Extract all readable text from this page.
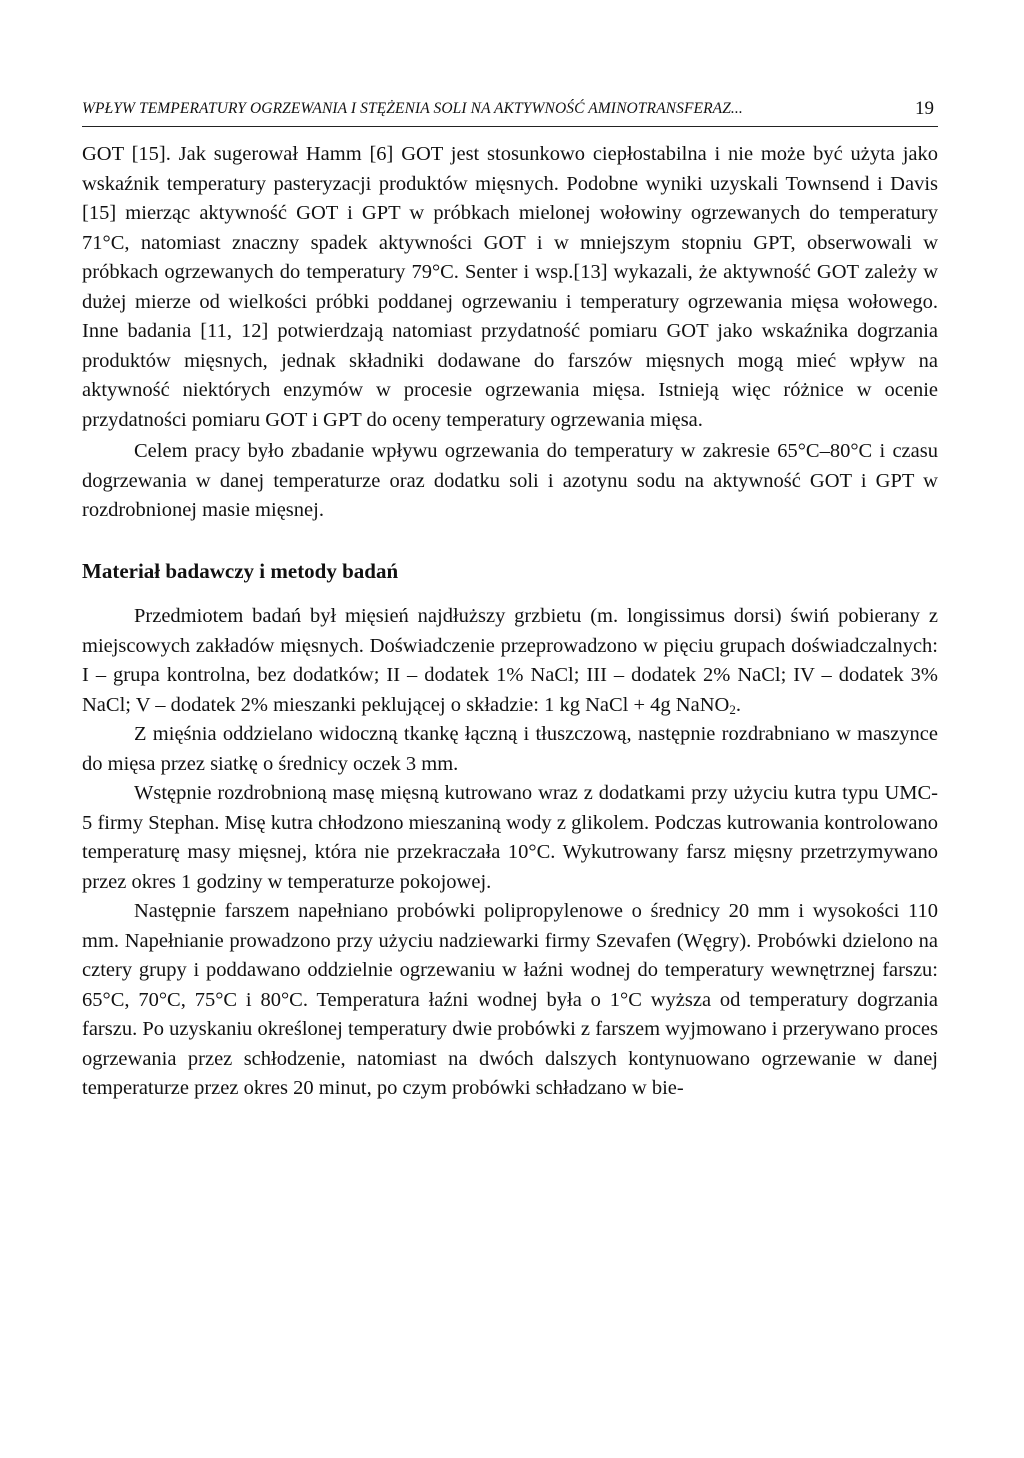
WPŁYW TEMPERATURY OGRZEWANIA I STĘŻENIA SOLI NA AKTYWNOŚĆ AMINOTRANSFERAZ...	19

GOT [15]. Jak sugerował Hamm [6] GOT jest stosunkowo ciepłostabilna i nie może być użyta jako wskaźnik temperatury pasteryzacji produktów mięsnych. Podobne wyniki uzyskali Townsend i Davis [15] mierząc aktywność GOT i GPT w próbkach mielonej wołowiny ogrzewanych do temperatury 71°C, natomiast znaczny spadek aktywności GOT i w mniejszym stopniu GPT, obserwowali w próbkach ogrzewanych do temperatury 79°C. Senter i wsp.[13] wykazali, że aktywność GOT zależy w dużej mierze od wielkości próbki poddanej ogrzewaniu i temperatury ogrzewania mięsa wołowego. Inne badania [11, 12] potwierdzają natomiast przydatność pomiaru GOT jako wskaźnika dogrzania produktów mięsnych, jednak składniki dodawane do farszów mięsnych mogą mieć wpływ na aktywność niektórych enzymów w procesie ogrzewania mięsa. Istnieją więc różnice w ocenie przydatności pomiaru GOT i GPT do oceny temperatury ogrzewania mięsa.

Celem pracy było zbadanie wpływu ogrzewania do temperatury w zakresie 65°C–80°C i czasu dogrzewania w danej temperaturze oraz dodatku soli i azotynu sodu na aktywność GOT i GPT w rozdrobnionej masie mięsnej.

Materiał badawczy i metody badań

Przedmiotem badań był mięsień najdłuższy grzbietu (m. longissimus dorsi) świń pobierany z miejscowych zakładów mięsnych. Doświadczenie przeprowadzono w pięciu grupach doświadczalnych: I – grupa kontrolna, bez dodatków; II – dodatek 1% NaCl; III – dodatek 2% NaCl; IV – dodatek 3% NaCl; V – dodatek 2% mieszanki peklującej o składzie: 1 kg NaCl + 4g NaNO$_2$.

Z mięśnia oddzielano widoczną tkankę łączną i tłuszczową, następnie rozdrabniano w maszynce do mięsa przez siatkę o średnicy oczek 3 mm.

Wstępnie rozdrobnioną masę mięsną kutrowano wraz z dodatkami przy użyciu kutra typu UMC-5 firmy Stephan. Misę kutra chłodzono mieszaniną wody z glikolem. Podczas kutrowania kontrolowano temperaturę masy mięsnej, która nie przekraczała 10°C. Wykutrowany farsz mięsny przetrzymywano przez okres 1 godziny w temperaturze pokojowej.

Następnie farszem napełniano probówki polipropylenowe o średnicy 20 mm i wysokości 110 mm. Napełnianie prowadzono przy użyciu nadziewarki firmy Szevafen (Węgry). Probówki dzielono na cztery grupy i poddawano oddzielnie ogrzewaniu w łaźni wodnej do temperatury wewnętrznej farszu: 65°C, 70°C, 75°C i 80°C. Temperatura łaźni wodnej była o 1°C wyższa od temperatury dogrzania farszu. Po uzyskaniu określonej temperatury dwie probówki z farszem wyjmowano i przerywano proces ogrzewania przez schłodzenie, natomiast na dwóch dalszych kontynuowano ogrzewanie w danej temperaturze przez okres 20 minut, po czym probówki schładzano w bie-
